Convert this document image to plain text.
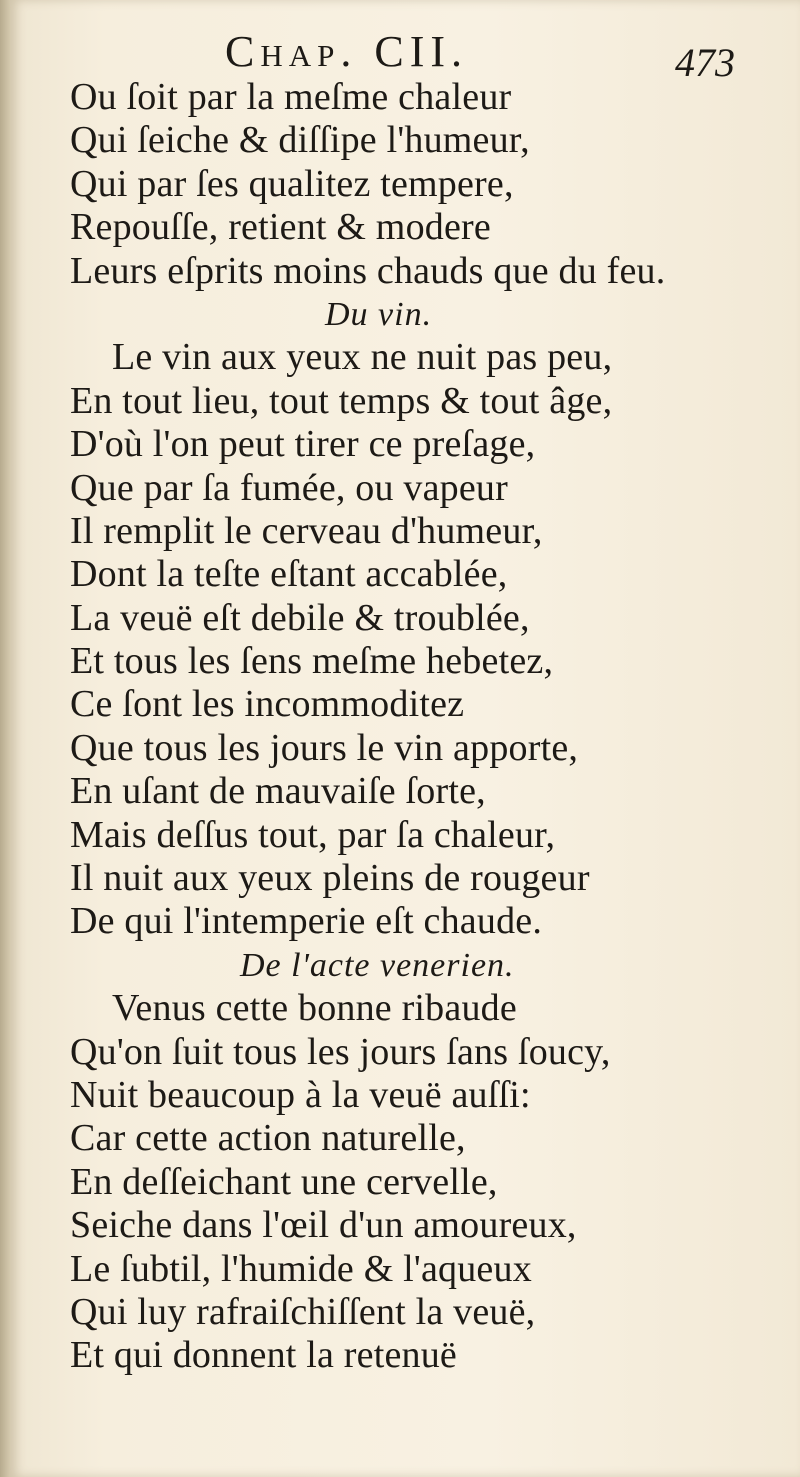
Chap. CII.	473
Ou ſoit par la meſme chaleur
Qui ſeiche & diſſipe l'humeur,
Qui par ſes qualitez tempere,
Repouſſe, retient & modere
Leurs eſprits moins chauds que du feu.
Du vin.
Le vin aux yeux ne nuit pas peu,
En tout lieu, tout temps & tout âge,
D'où l'on peut tirer ce preſage,
Que par ſa fumée, ou vapeur
Il remplit le cerveau d'humeur,
Dont la teſte eſtant accablée,
La veuë eſt debile & troublée,
Et tous les ſens meſme hebetez,
Ce ſont les incommoditez
Que tous les jours le vin apporte,
En uſant de mauvaiſe ſorte,
Mais deſſus tout, par ſa chaleur,
Il nuit aux yeux pleins de rougeur
De qui l'intemperie eſt chaude.
De l'acte venerien.
Venus cette bonne ribaude
Qu'on ſuit tous les jours ſans ſoucy,
Nuit beaucoup à la veuë auſſi:
Car cette action naturelle,
En deſſeichant une cervelle,
Seiche dans l'œil d'un amoureux,
Le ſubtil, l'humide & l'aqueux
Qui luy rafraiſchiſſent la veuë,
Et qui donnent la retenuë
